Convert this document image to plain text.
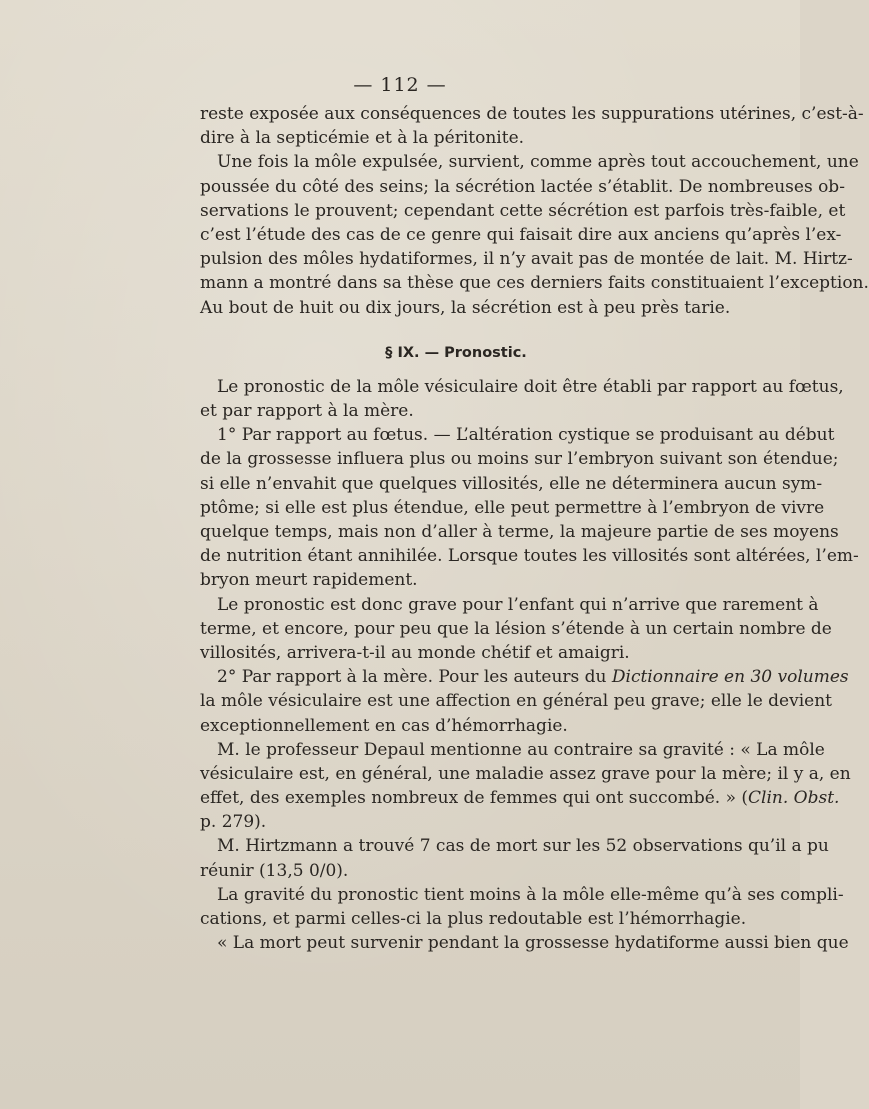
— 112 —
reste exposée aux conséquences de toutes les suppurations utérines, c’est-à-
dire à la septicémie et à la péritonite.
Une fois la môle expulsée, survient, comme après tout accouchement, une
poussée du côté des seins; la sécrétion lactée s’établit. De nombreuses ob-
servations le prouvent; cependant cette sécrétion est parfois très-faible, et
c’est l’étude des cas de ce genre qui faisait dire aux anciens qu’après l’ex-
pulsion des môles hydatiformes, il n’y avait pas de montée de lait. M. Hirtz-
mann a montré dans sa thèse que ces derniers faits constituaient l’exception.
Au bout de huit ou dix jours, la sécrétion est à peu près tarie.
§ IX. — Pronostic.
Le pronostic de la môle vésiculaire doit être établi par rapport au fœtus,
et par rapport à la mère.
1° Par rapport au fœtus. — L’altération cystique se produisant au début
de la grossesse influera plus ou moins sur l’embryon suivant son étendue;
si elle n’envahit que quelques villosités, elle ne déterminera aucun sym-
ptôme; si elle est plus étendue, elle peut permettre à l’embryon de vivre
quelque temps, mais non d’aller à terme, la majeure partie de ses moyens
de nutrition étant annihilée. Lorsque toutes les villosités sont altérées, l’em-
bryon meurt rapidement.
Le pronostic est donc grave pour l’enfant qui n’arrive que rarement à
terme, et encore, pour peu que la lésion s’étende à un certain nombre de
villosités, arrivera-t-il au monde chétif et amaigri.
2° Par rapport à la mère. Pour les auteurs du Dictionnaire en 30 volumes
la môle vésiculaire est une affection en général peu grave; elle le devient
exceptionnellement en cas d’hémorrhagie.
M. le professeur Depaul mentionne au contraire sa gravité : « La môle
vésiculaire est, en général, une maladie assez grave pour la mère; il y a, en
effet, des exemples nombreux de femmes qui ont succombé. » (Clin. Obst.
p. 279).
M. Hirtzmann a trouvé 7 cas de mort sur les 52 observations qu’il a pu
réunir (13,5 0/0).
La gravité du pronostic tient moins à la môle elle-même qu’à ses compli-
cations, et parmi celles-ci la plus redoutable est l’hémorrhagie.
« La mort peut survenir pendant la grossesse hydatiforme aussi bien que
